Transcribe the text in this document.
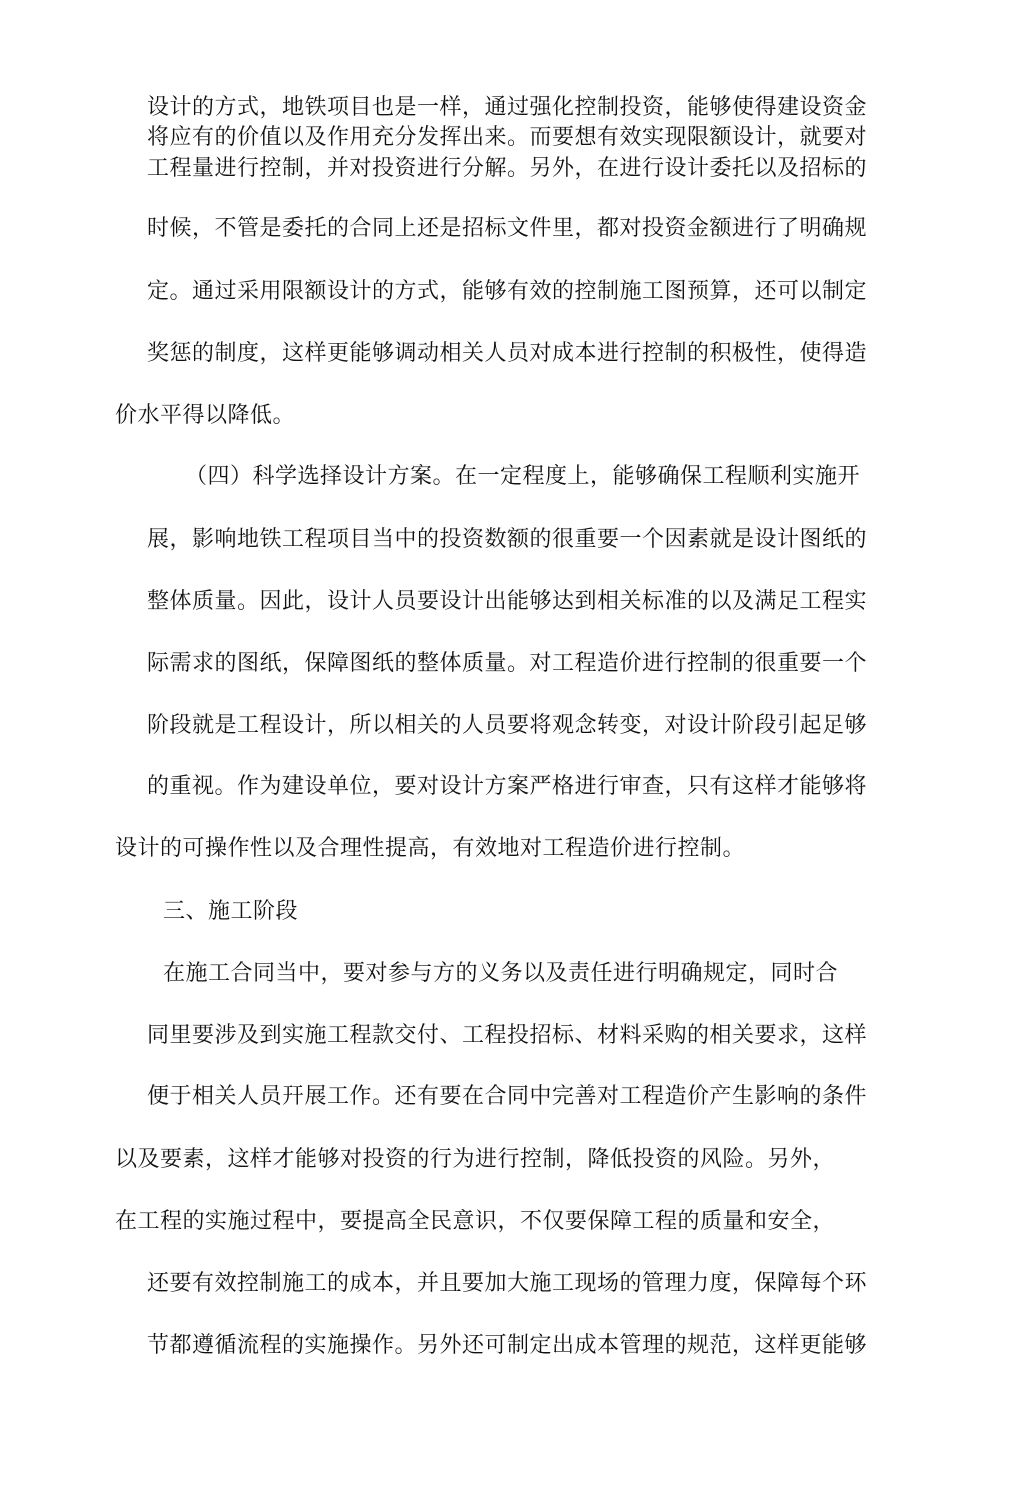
设计的方式，地铁项目也是一样，通过强化控制投资，能够使得建设资金
将应有的价值以及作用充分发挥出来。而要想有效实现限额设计，就要对
工程量进行控制，并对投资进行分解。另外，在进行设计委托以及招标的
时候，不管是委托的合同上还是招标文件里，都对投资金额进行了明确规
定。通过采用限额设计的方式，能够有效的控制施工图预算，还可以制定
奖惩的制度，这样更能够调动相关人员对成本进行控制的积极性，使得造
价水平得以降低。
（四）科学选择设计方案。在一定程度上，能够确保工程顺利实施开
展，影响地铁工程项目当中的投资数额的很重要一个因素就是设计图纸的
整体质量。因此，设计人员要设计出能够达到相关标准的以及满足工程实
际需求的图纸，保障图纸的整体质量。对工程造价进行控制的很重要一个
阶段就是工程设计，所以相关的人员要将观念转变，对设计阶段引起足够
的重视。作为建设单位，要对设计方案严格进行审查，只有这样才能够将
设计的可操作性以及合理性提高，有效地对工程造价进行控制。
三、施工阶段
在施工合同当中，要对参与方的义务以及责任进行明确规定，同时合
同里要涉及到实施工程款交付、工程投招标、材料采购的相关要求，这样
便于相关人员幵展工作。还有要在合同中完善对工程造价产生影响的条件
以及要素，这样才能够对投资的行为进行控制，降低投资的风险。另外，
在工程的实施过程中，要提高全民意识，不仅要保障工程的质量和安全，
还要有效控制施工的成本，并且要加大施工现场的管理力度，保障每个环
节都遵循流程的实施操作。另外还可制定出成本管理的规范，这样更能够
